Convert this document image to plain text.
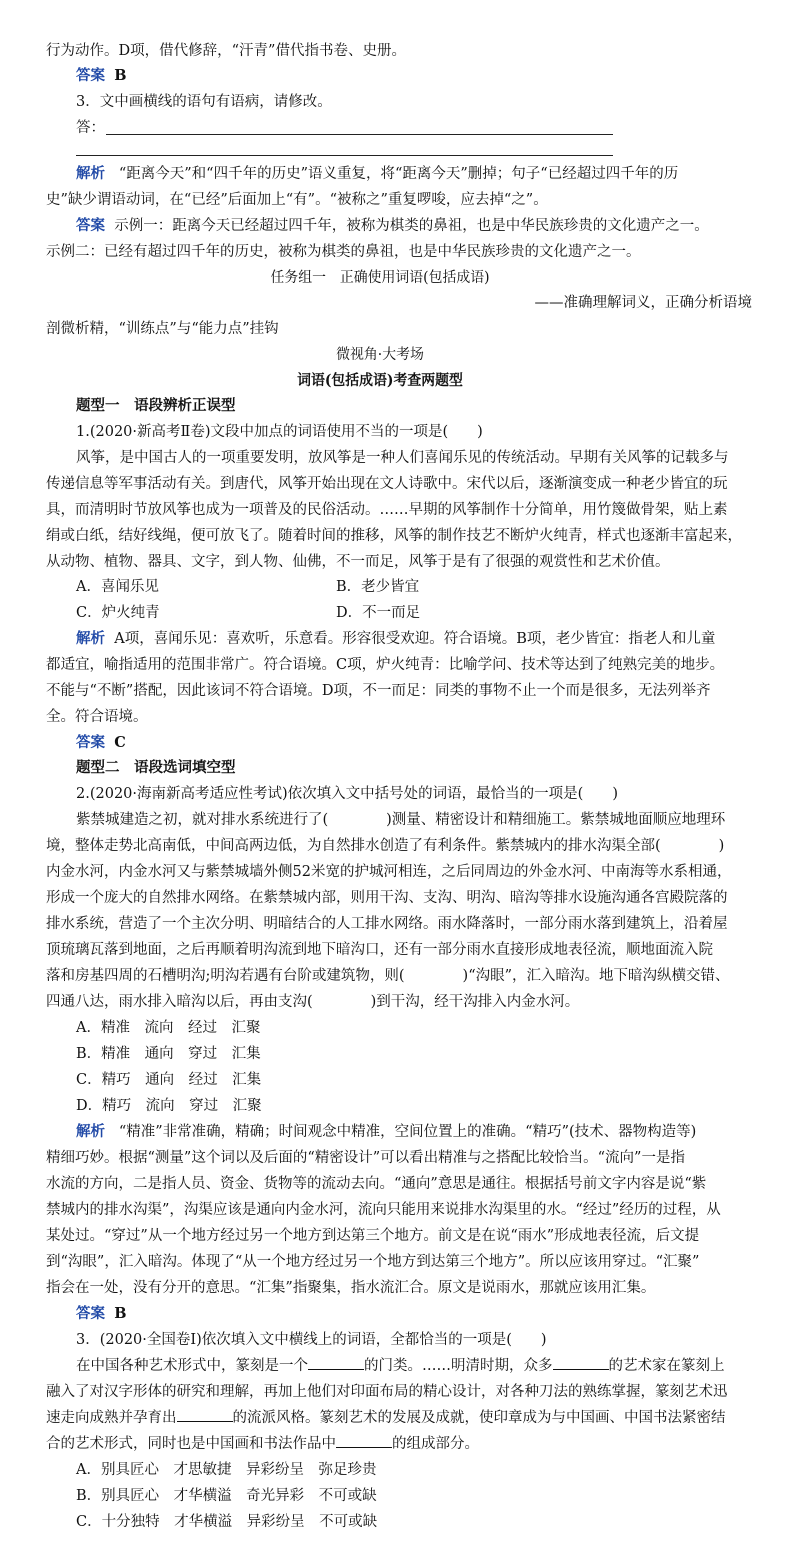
行为动作。D项，借代修辞，“汗青”借代指书卷、史册。
答案 B
3．文中画横线的语句有语病，请修改。
答：
解析 “距离今天”和“四千年的历史”语义重复，将“距离今天”删掉；句子“已经超过四千年的历
史”缺少谓语动词，在“已经”后面加上“有”。“被称之”重复啰唆，应去掉“之”。
答案 示例一：距离今天已经超过四千年，被称为棋类的鼻祖，也是中华民族珍贵的文化遗产之一。
示例二：已经有超过四千年的历史，被称为棋类的鼻祖，也是中华民族珍贵的文化遗产之一。
任务组一　正确使用词语(包括成语)
——准确理解词义，正确分析语境
剖微析精，“训练点”与“能力点”挂钩
微视角·大考场
词语(包括成语)考查两题型
题型一　语段辨析正误型
1.(2020·新高考Ⅱ卷)文段中加点的词语使用不当的一项是(　　)
风筝，是中国古人的一项重要发明，放风筝是一种人们喜闻乐见的传统活动。早期有关风筝的记载多与
传递信息等军事活动有关。到唐代，风筝开始出现在文人诗歌中。宋代以后，逐渐演变成一种老少皆宜的玩
具，而清明时节放风筝也成为一项普及的民俗活动。……早期的风筝制作十分简单，用竹篾做骨架，贴上素
绢或白纸，结好线绳，便可放飞了。随着时间的推移，风筝的制作技艺不断炉火纯青，样式也逐渐丰富起来，
从动物、植物、器具、文字，到人物、仙佛，不一而足，风筝于是有了很强的观赏性和艺术价值。
A．喜闻乐见	B．老少皆宜
C．炉火纯青	D．不一而足
解析 A项，喜闻乐见：喜欢听，乐意看。形容很受欢迎。符合语境。B项，老少皆宜：指老人和儿童
都适宜，喻指适用的范围非常广。符合语境。C项，炉火纯青：比喻学问、技术等达到了纯熟完美的地步。
不能与“不断”搭配，因此该词不符合语境。D项，不一而足：同类的事物不止一个而是很多，无法列举齐
全。符合语境。
答案 C
题型二　语段选词填空型
2.(2020·海南新高考适应性考试)依次填入文中括号处的词语，最恰当的一项是(　　)
紫禁城建造之初，就对排水系统进行了(　　　　)测量、精密设计和精细施工。紫禁城地面顺应地理环
境，整体走势北高南低，中间高两边低，为自然排水创造了有利条件。紫禁城内的排水沟渠全部(　　　　)
内金水河，内金水河又与紫禁城墙外侧52米宽的护城河相连，之后同周边的外金水河、中南海等水系相通，
形成一个庞大的自然排水网络。在紫禁城内部，则用干沟、支沟、明沟、暗沟等排水设施沟通各宫殿院落的
排水系统，营造了一个主次分明、明暗结合的人工排水网络。雨水降落时，一部分雨水落到建筑上，沿着屋
顶琉璃瓦落到地面，之后再顺着明沟流到地下暗沟口，还有一部分雨水直接形成地表径流，顺地面流入院
落和房基四周的石槽明沟;明沟若遇有台阶或建筑物，则(　　　　)“沟眼”，汇入暗沟。地下暗沟纵横交错、
四通八达，雨水排入暗沟以后，再由支沟(　　　　)到干沟，经干沟排入内金水河。
A．精准　流向　经过　汇聚
B．精准　通向　穿过　汇集
C．精巧　通向　经过　汇集
D．精巧　流向　穿过　汇聚
解析 “精准”非常准确，精确；时间观念中精准，空间位置上的准确。“精巧”(技术、器物构造等)
精细巧妙。根据“测量”这个词以及后面的“精密设计”可以看出精准与之搭配比较恰当。“流向”一是指
水流的方向，二是指人员、资金、货物等的流动去向。“通向”意思是通往。根据括号前文字内容是说“紫
禁城内的排水沟渠”，沟渠应该是通向内金水河，流向只能用来说排水沟渠里的水。“经过”经历的过程，从
某处过。“穿过”从一个地方经过另一个地方到达第三个地方。前文是在说“雨水”形成地表径流，后文提
到“沟眼”，汇入暗沟。体现了“从一个地方经过另一个地方到达第三个地方”。所以应该用穿过。“汇聚”
指会在一处，没有分开的意思。“汇集”指聚集，指水流汇合。原文是说雨水，那就应该用汇集。
答案 B
3．(2020·全国卷Ⅰ)依次填入文中横线上的词语，全都恰当的一项是(　　)
在中国各种艺术形式中，篆刻是一个	的门类。……明清时期，众多	的艺术家在篆刻上
融入了对汉字形体的研究和理解，再加上他们对印面布局的精心设计，对各种刀法的熟练掌握，篆刻艺术迅
速走向成熟并孕育出	的流派风格。篆刻艺术的发展及成就，使印章成为与中国画、中国书法紧密结
合的艺术形式，同时也是中国画和书法作品中	的组成部分。
A．别具匠心　才思敏捷　异彩纷呈　弥足珍贵
B．别具匠心　才华横溢　奇光异彩　不可或缺
C．十分独特　才华横溢　异彩纷呈　不可或缺
